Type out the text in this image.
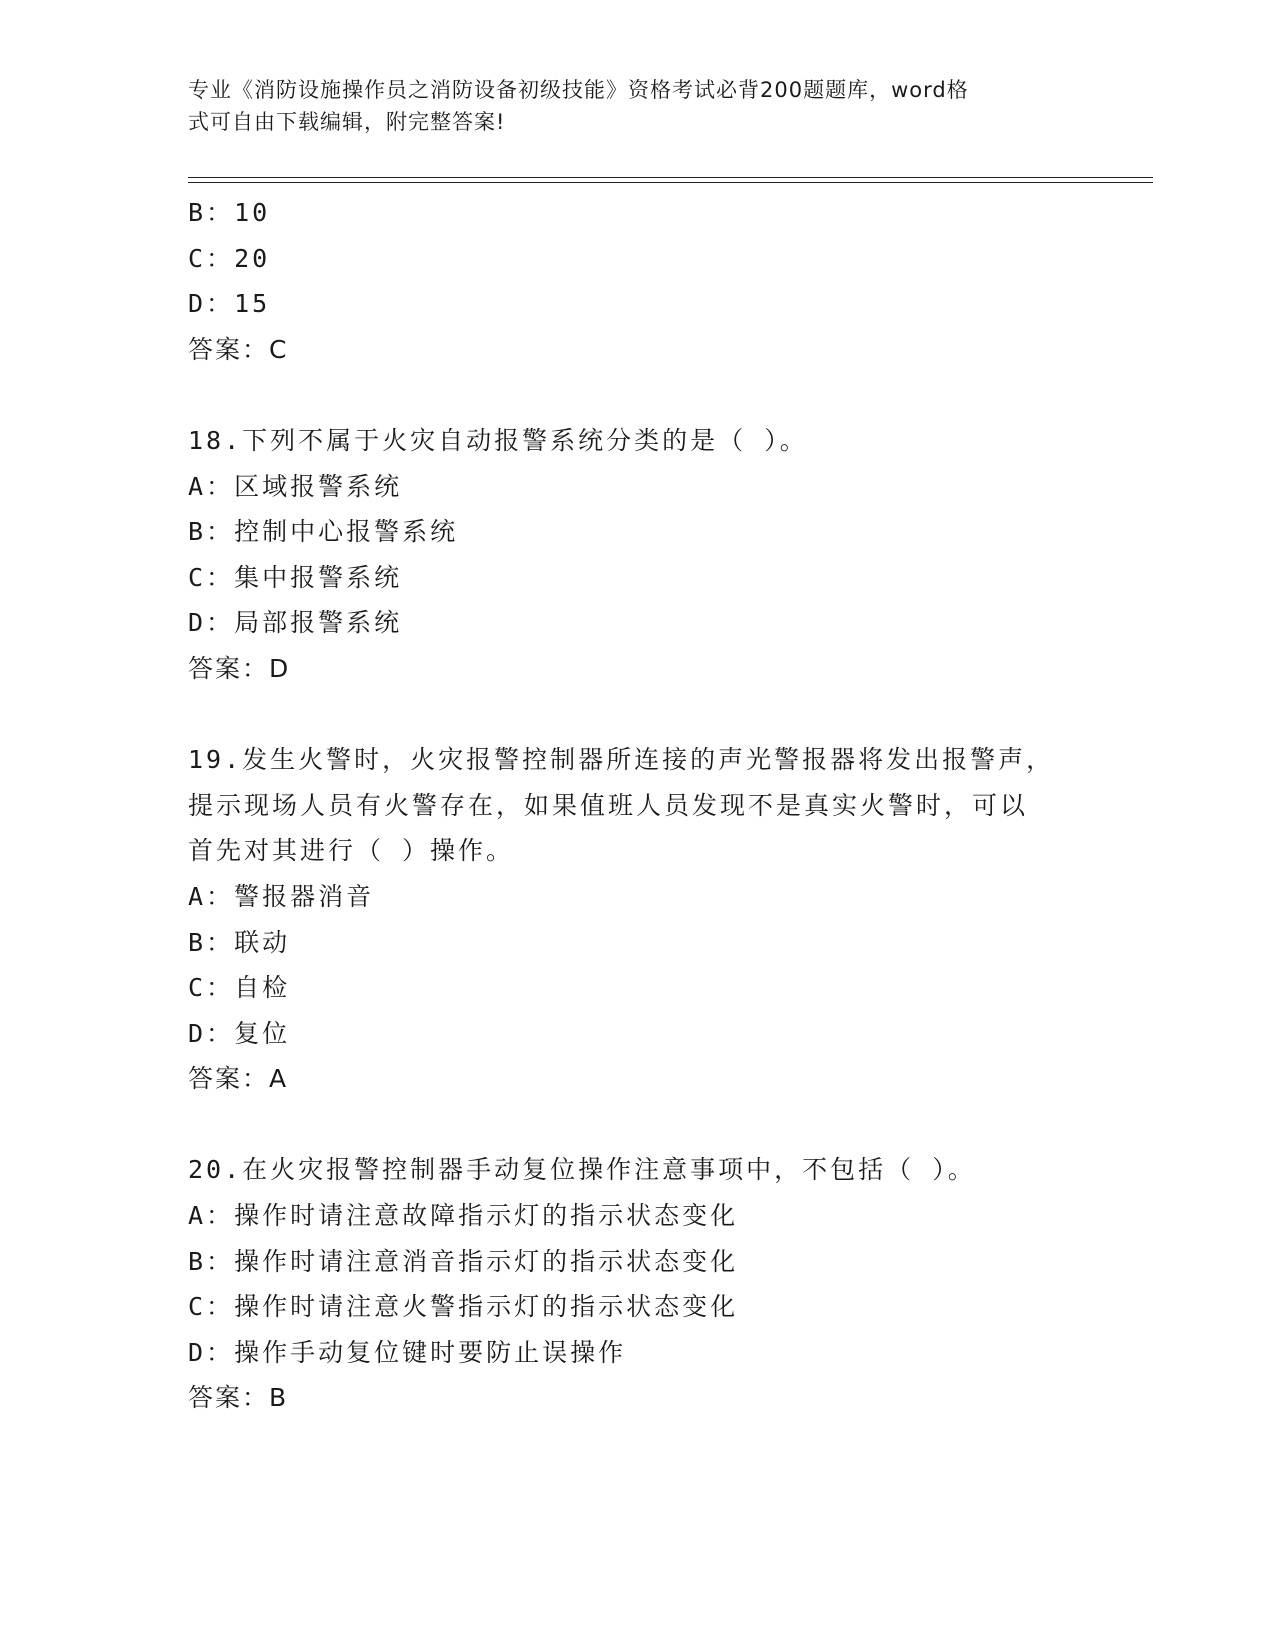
专业《消防设施操作员之消防设备初级技能》资格考试必背200题题库，word格
式可自由下载编辑，附完整答案!
B：10
C：20
D：15
答案：C
18.下列不属于火灾自动报警系统分类的是（ ）。
A：区域报警系统
B：控制中心报警系统
C：集中报警系统
D：局部报警系统
答案：D
19.发生火警时，火灾报警控制器所连接的声光警报器将发出报警声，
提示现场人员有火警存在，如果值班人员发现不是真实火警时，可以
首先对其进行（ ）操作。
A：警报器消音
B：联动
C：自检
D：复位
答案：A
20.在火灾报警控制器手动复位操作注意事项中，不包括（ ）。
A：操作时请注意故障指示灯的指示状态变化
B：操作时请注意消音指示灯的指示状态变化
C：操作时请注意火警指示灯的指示状态变化
D：操作手动复位键时要防止误操作
答案：B
